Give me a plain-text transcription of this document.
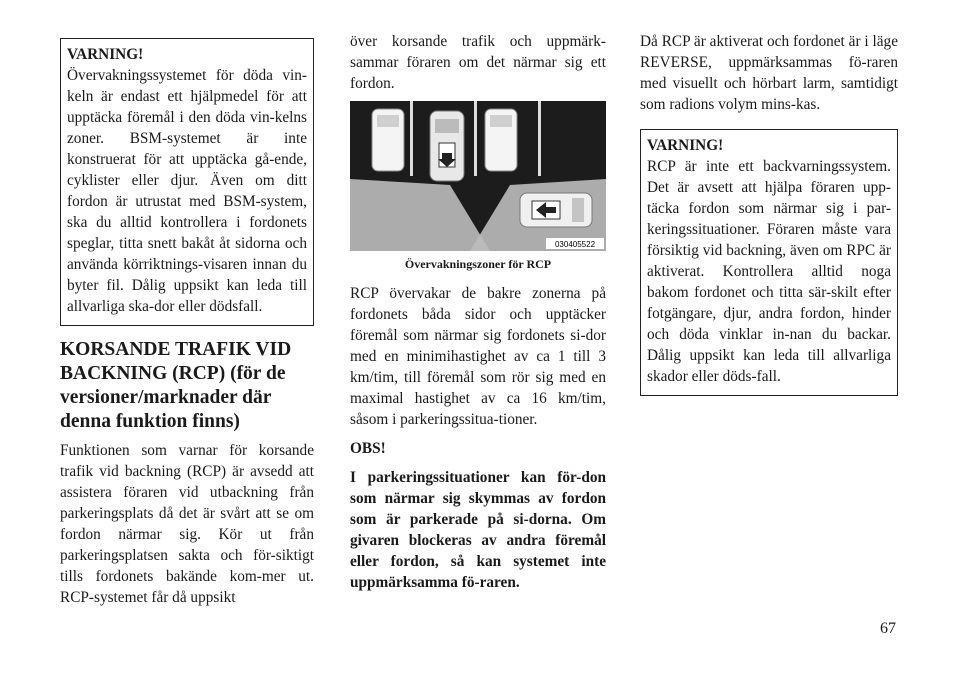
VARNING!
Övervakningssystemet för döda vin-keln är endast ett hjälpmedel för att upptäcka föremål i den döda vin-kelns zoner. BSM-systemet är inte konstruerat för att upptäcka gå-ende, cyklister eller djur. Även om ditt fordon är utrustat med BSM-system, ska du alltid kontrollera i fordonets speglar, titta snett bakåt åt sidorna och använda körriktnings-visaren innan du byter fil. Dålig uppsikt kan leda till allvarliga ska-dor eller dödsfall.
KORSANDE TRAFIK VID BACKNING (RCP) (för de versioner/marknader där denna funktion finns)

Funktionen som varnar för korsande trafik vid backning (RCP) är avsedd att assistera föraren vid utbackning från parkeringsplats då det är svårt att se om fordon närmar sig. Kör ut från parkeringsplatsen sakta och för-siktigt tills fordonets bakände kom-mer ut. RCP-systemet får då uppsikt

över korsande trafik och uppmärk-sammar föraren om det närmar sig ett fordon.

030405522
Övervakningszoner för RCP

RCP övervakar de bakre zonerna på fordonets båda sidor och upptäcker föremål som närmar sig fordonets si-dor med en minimihastighet av ca 1 till 3 km/tim, till föremål som rör sig med en maximal hastighet av ca 16 km/tim, såsom i parkeringssitua-tioner.

OBS!

I parkeringssituationer kan för-don som närmar sig skymmas av fordon som är parkerade på si-dorna. Om givaren blockeras av andra föremål eller fordon, så kan systemet inte uppmärksamma fö-raren.

Då RCP är aktiverat och fordonet är i läge REVERSE, uppmärksammas fö-raren med visuellt och hörbart larm, samtidigt som radions volym mins-kas.

VARNING!
RCP är inte ett backvarningssystem. Det är avsett att hjälpa föraren upp-täcka fordon som närmar sig i par-keringssituationer. Föraren måste vara försiktig vid backning, även om RPC är aktiverat. Kontrollera alltid noga bakom fordonet och titta sär-skilt efter fotgängare, djur, andra fordon, hinder och döda vinklar in-nan du backar. Dålig uppsikt kan leda till allvarliga skador eller döds-fall.
67
